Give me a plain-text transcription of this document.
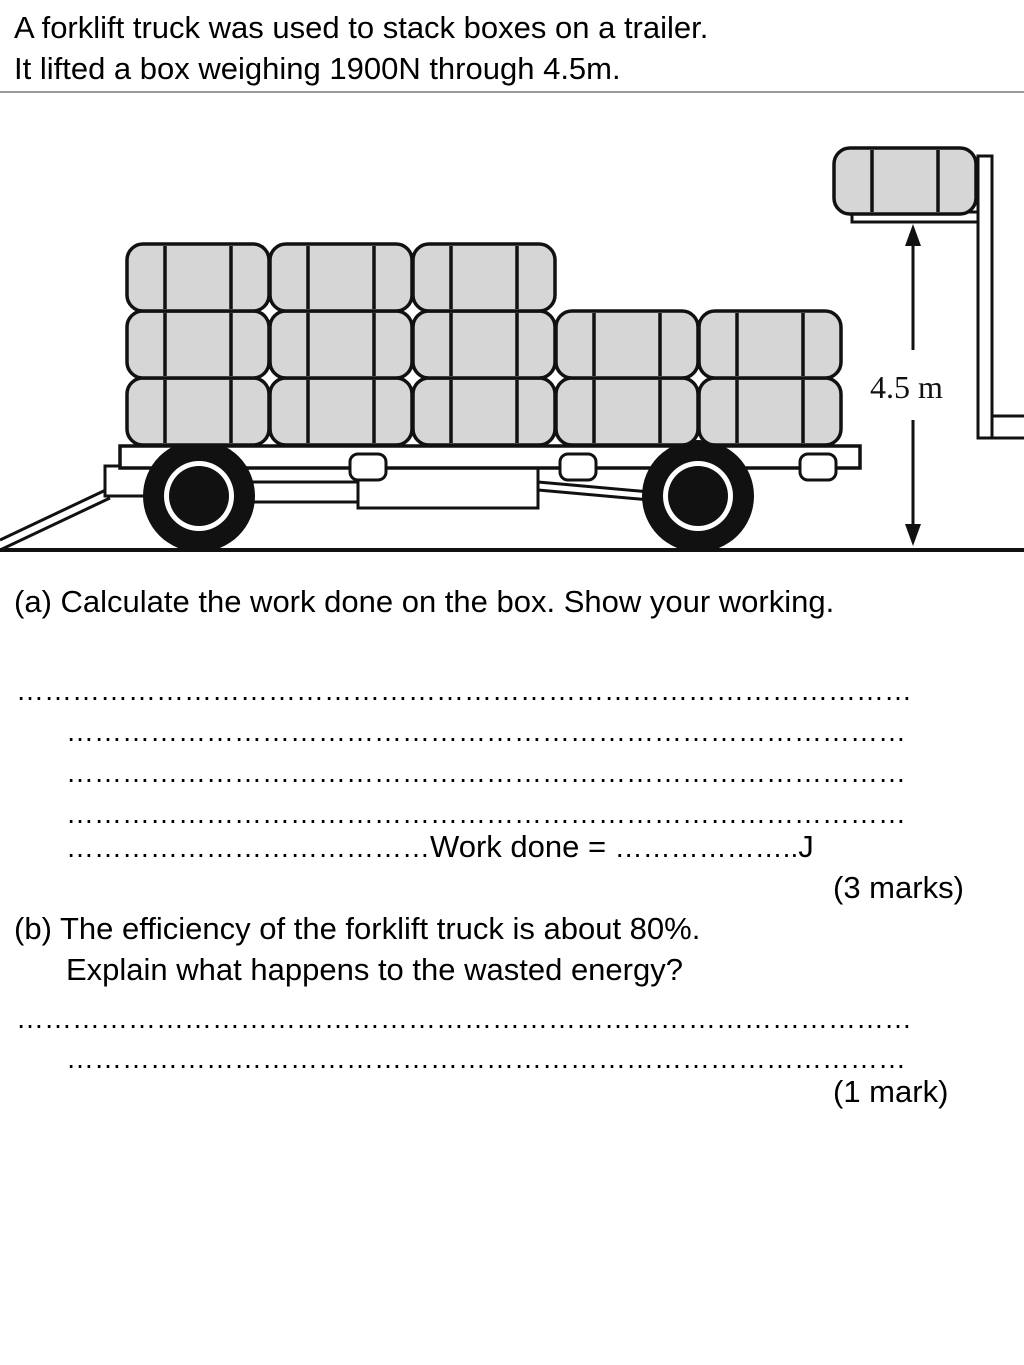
A forklift truck was used to stack boxes on a trailer.
It lifted a box weighing 1900N through 4.5m.
4.5 m
(a) Calculate the work done on the box. Show your working.
……………………………………………………………………………………
………………………………………………………………………………
………………………………………………………………………………
………………………………………………………………………………
…………………………………Work done = ………………..J
(3 marks)
(b) The efficiency of the forklift truck is about 80%.
Explain what happens to the wasted energy?
……………………………………………………………………………………
………………………………………………………………………………
(1 mark)
